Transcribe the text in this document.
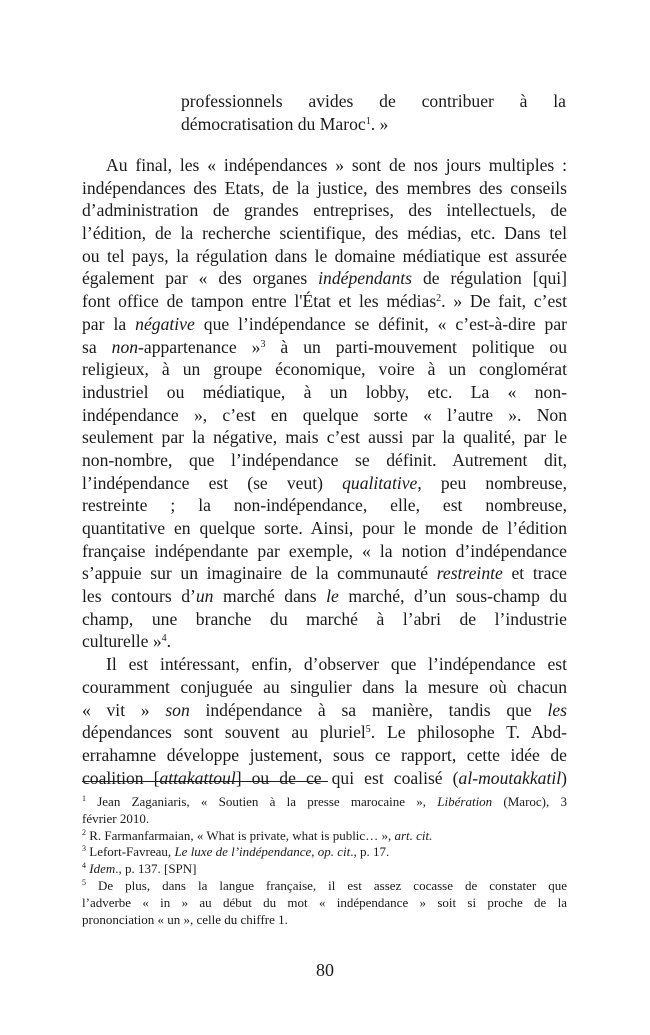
professionnels avides de contribuer à la
démocratisation du Maroc$^1$. »
Au final, les « indépendances » sont de nos jours multiples :
indépendances des Etats, de la justice, des membres des conseils
d’administration de grandes entreprises, des intellectuels, de
l’édition, de la recherche scientifique, des médias, etc. Dans tel
ou tel pays, la régulation dans le domaine médiatique est assurée
également par « des organes indépendants de régulation [qui]
font office de tampon entre l'État et les médias$^2$. » De fait, c’est
par la négative que l’indépendance se définit, « c’est-à-dire par
sa non-appartenance »$^3$ à un parti-mouvement politique ou
religieux, à un groupe économique, voire à un conglomérat
industriel ou médiatique, à un lobby, etc. La « non-
indépendance », c’est en quelque sorte « l’autre ». Non
seulement par la négative, mais c’est aussi par la qualité, par le
non-nombre, que l’indépendance se définit. Autrement dit,
l’indépendance est (se veut) qualitative, peu nombreuse,
restreinte ; la non-indépendance, elle, est nombreuse,
quantitative en quelque sorte. Ainsi, pour le monde de l’édition
française indépendante par exemple, « la notion d’indépendance
s’appuie sur un imaginaire de la communauté restreinte et trace
les contours d’un marché dans le marché, d’un sous-champ du
champ, une branche du marché à l’abri de l’industrie
culturelle »$^4$.
Il est intéressant, enfin, d’observer que l’indépendance est
couramment conjuguée au singulier dans la mesure où chacun
« vit » son indépendance à sa manière, tandis que les
dépendances sont souvent au pluriel$^5$. Le philosophe T. Abd-
errahamne développe justement, sous ce rapport, cette idée de
coalition [attakattoul] ou de ce qui est coalisé (al-moutakkatil)
$^1$ Jean Zaganiaris, « Soutien à la presse marocaine », Libération (Maroc), 3
février 2010.
$^2$ R. Farmanfarmaian, « What is private, what is public… », art. cit.
$^3$ Lefort-Favreau, Le luxe de l’indépendance, op. cit., p. 17.
$^4$ Idem., p. 137. [SPN]
$^5$ De plus, dans la langue française, il est assez cocasse de constater que
l’adverbe « in » au début du mot « indépendance » soit si proche de la
prononciation « un », celle du chiffre 1.
80
